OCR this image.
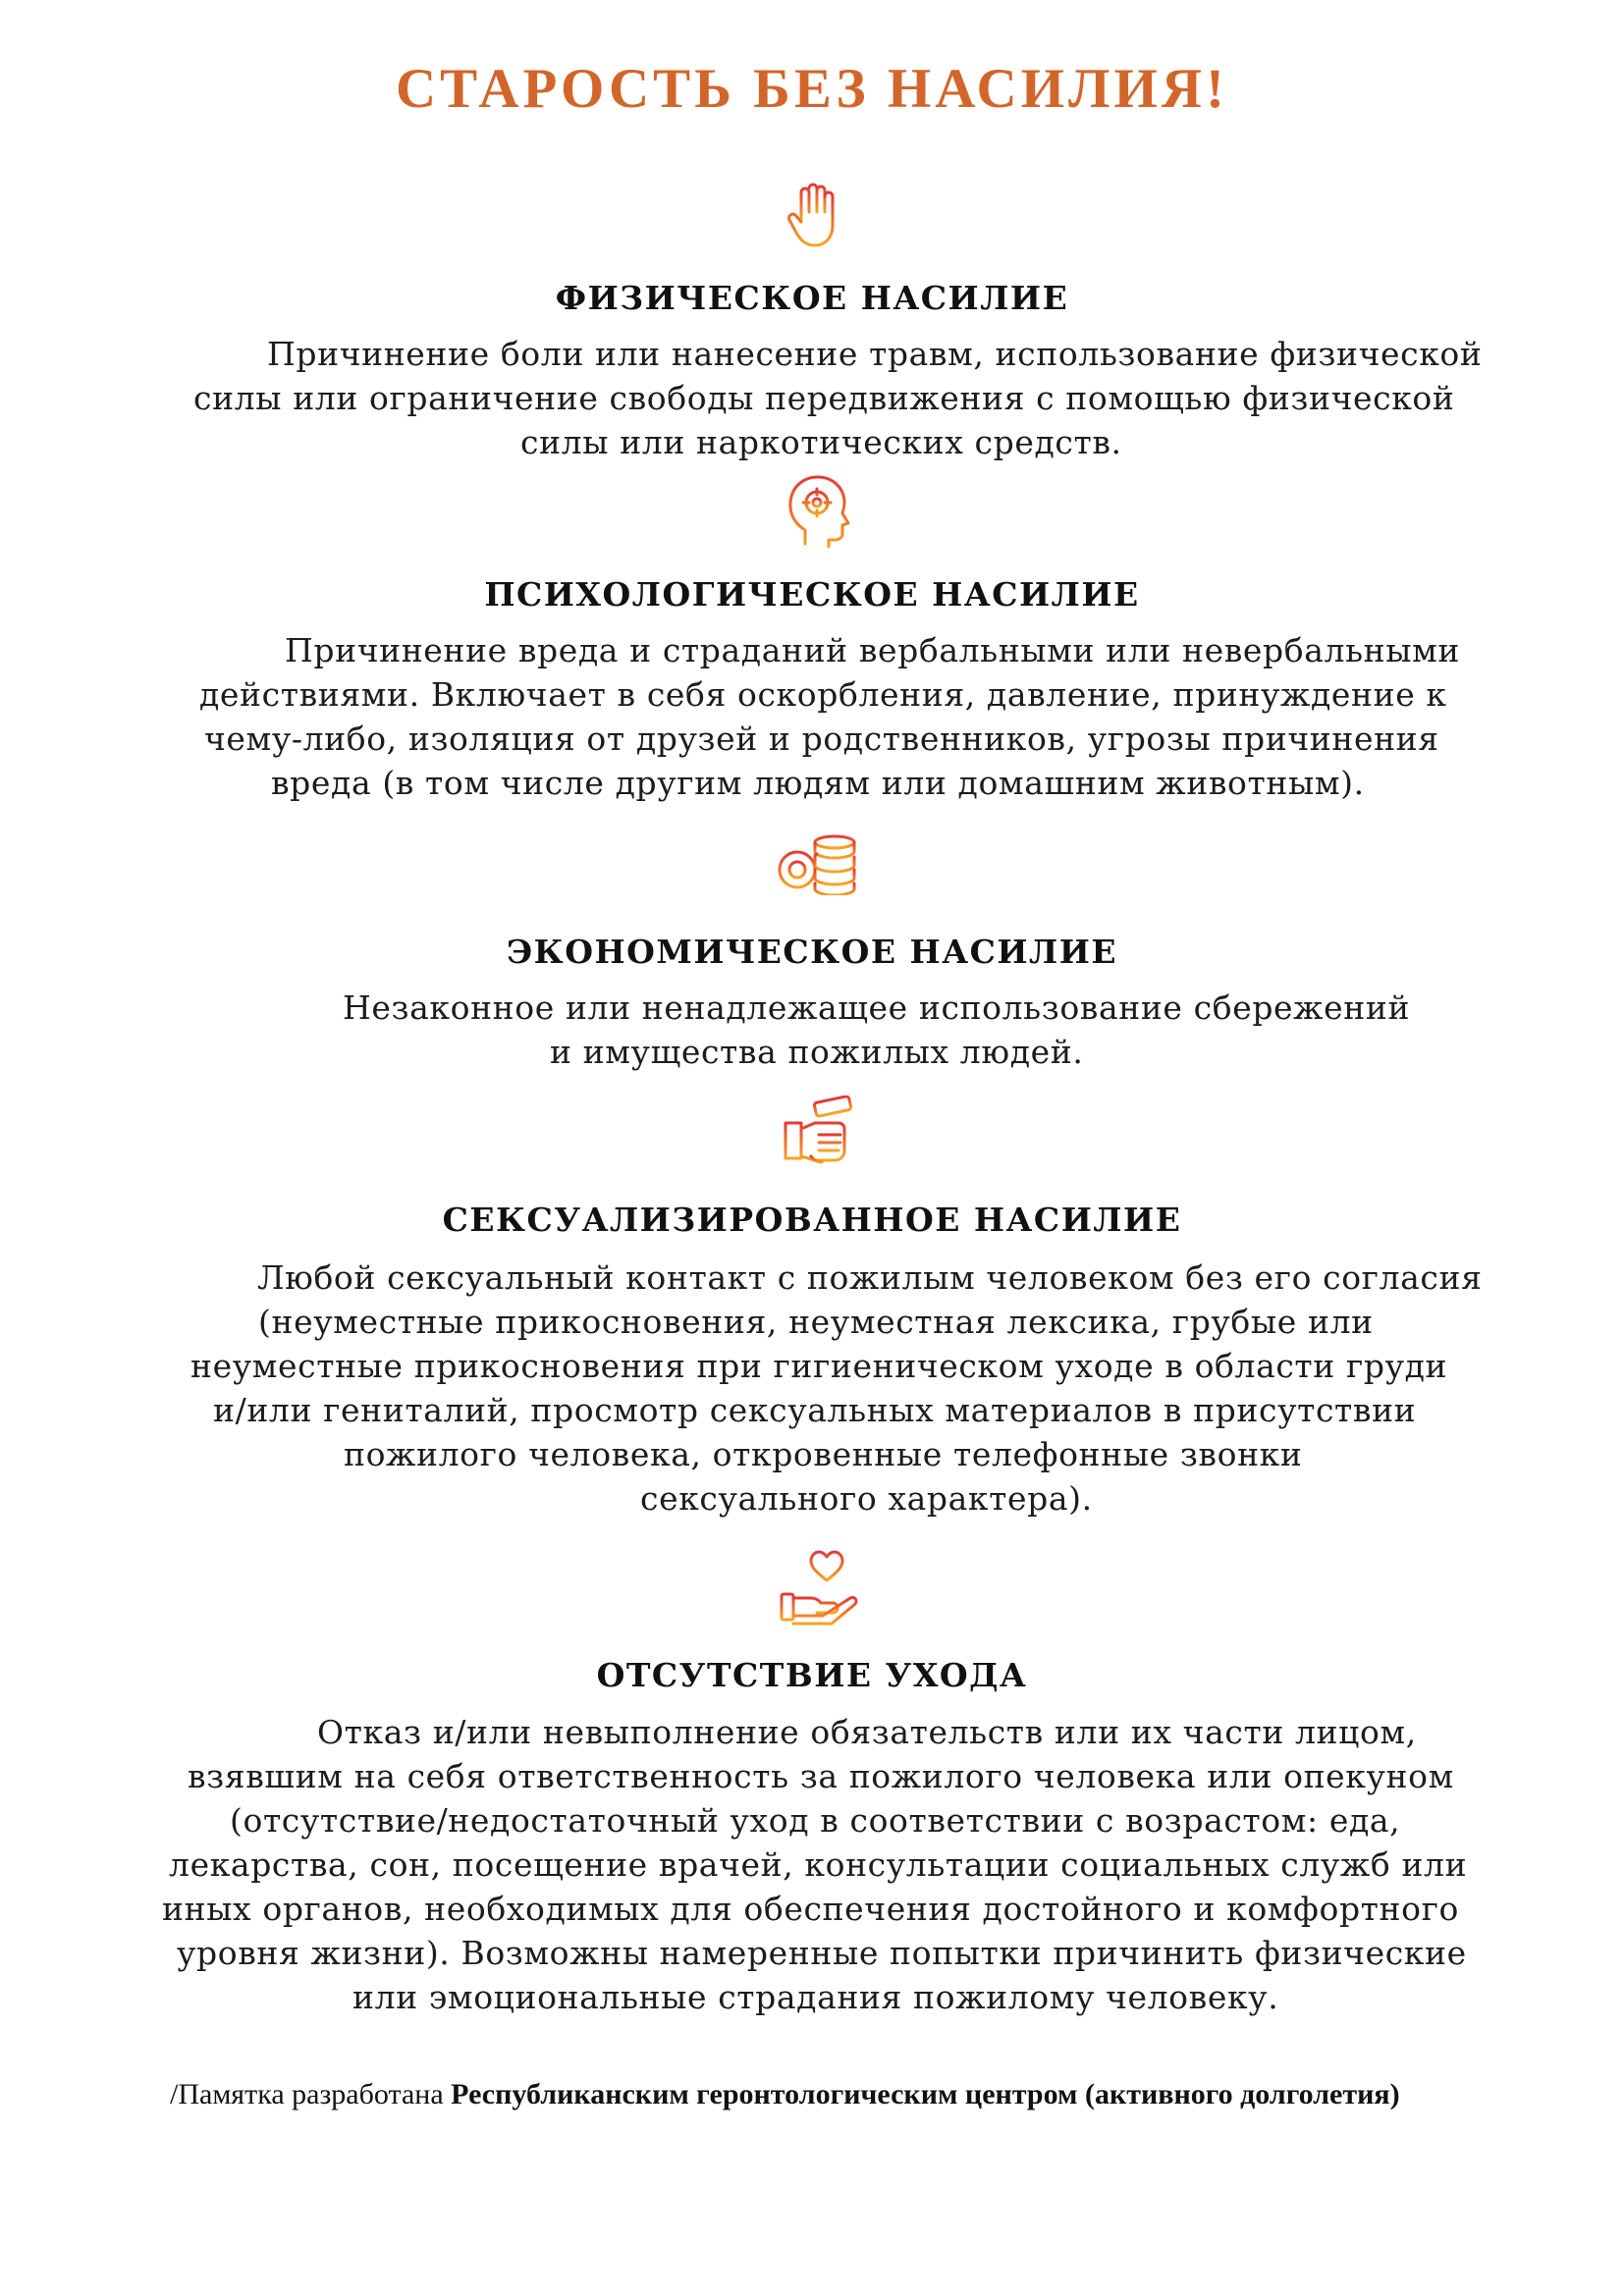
СТАРОСТЬ БЕЗ НАСИЛИЯ!
ФИЗИЧЕСКОЕ НАСИЛИЕ
Причинение боли или нанесение травм, использование физической
силы или ограничение свободы передвижения с помощью физической
силы или наркотических средств.
ПСИХОЛОГИЧЕСКОЕ НАСИЛИЕ
Причинение вреда и страданий вербальными или невербальными
действиями. Включает в себя оскорбления, давление, принуждение к
чему-либо, изоляция от друзей и родственников, угрозы причинения
вреда (в том числе другим людям или домашним животным).
ЭКОНОМИЧЕСКОЕ НАСИЛИЕ
Незаконное или ненадлежащее использование сбережений
и имущества пожилых людей.
СЕКСУАЛИЗИРОВАННОЕ НАСИЛИЕ
Любой сексуальный контакт с пожилым человеком без его согласия
(неуместные прикосновения, неуместная лексика, грубые или
неуместные прикосновения при гигиеническом уходе в области груди
и/или гениталий, просмотр сексуальных материалов в присутствии
пожилого человека, откровенные телефонные звонки
сексуального характера).
ОТСУТСТВИЕ УХОДА
Отказ и/или невыполнение обязательств или их части лицом,
взявшим на себя ответственность за пожилого человека или опекуном
(отсутствие/недостаточный уход в соответствии с возрастом: еда,
лекарства, сон, посещение врачей, консультации социальных служб или
иных органов, необходимых для обеспечения достойного и комфортного
уровня жизни). Возможны намеренные попытки причинить физические
или эмоциональные страдания пожилому человеку.
/Памятка разработана Республиканским геронтологическим центром (активного долголетия)
